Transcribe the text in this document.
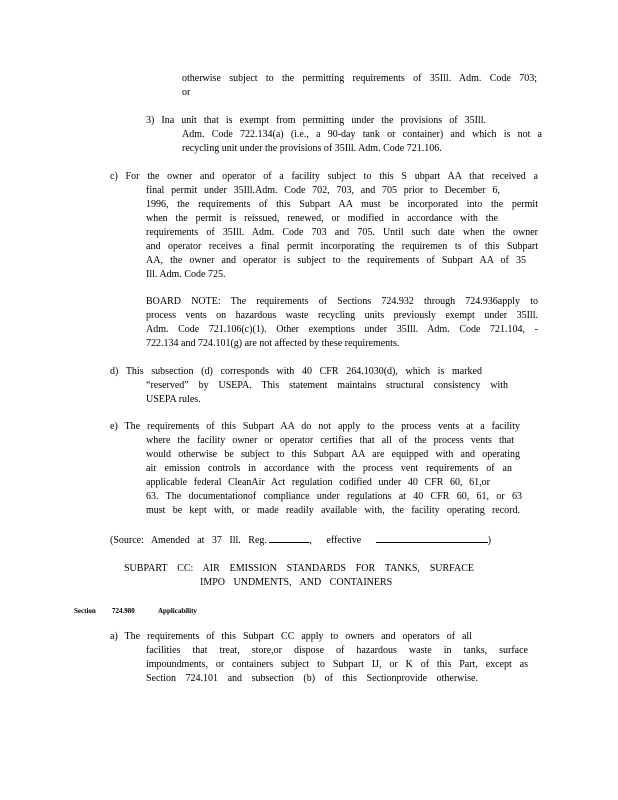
otherwise subject to the permitting requirements of 35Ill. Adm. Code 703;
or
3) Ina unit that is exempt from permitting under the provisions of 35Ill.
Adm. Code 722.134(a) (i.e., a 90-day tank or container) and which is not a
recycling unit under the provisions of 35Ill. Adm. Code 721.106.
c) For the owner and operator of a facility subject to this S ubpart AA that received a
final permit under 35Ill.Adm. Code 702, 703, and 705 prior to December 6,
1996, the requirements of this Subpart AA must be incorporated into the permit
when the permit is reissued, renewed, or modified in accordance with the
requirements of 35Ill. Adm. Code 703 and 705. Until such date when the owner
and operator receives a final permit incorporating the requiremen ts of this Subpart
AA, the owner and operator is subject to the requirements of Subpart AA of 35
Ill. Adm. Code 725.
BOARD NOTE: The requirements of Sections 724.932 through 724.936apply to
process vents on hazardous waste recycling units previously exempt under 35Ill.
Adm. Code 721.106(c)(1). Other exemptions under 35Ill. Adm. Code 721.104, -
722.134 and 724.101(g) are not affected by these requirements.
d) This subsection (d) corresponds with 40 CFR 264.1030(d), which is marked
“reserved” by USEPA. This statement maintains structural consistency with
USEPA rules.
e) The requirements of this Subpart AA do not apply to the process vents at a facility
where the facility owner or operator certifies that all of the process vents that
would otherwise be subject to this Subpart AA are equipped with and operating
air emission controls in accordance with the process vent requirements of an
applicable federal CleanAir Act regulation codified under 40 CFR 60, 61,or
63. The documentationof compliance under regulations at 40 CFR 60, 61, or 63
must be kept with, or made readily available with, the facility operating record.
(Source: Amended at 37 Ill. Reg.	, effective	)
SUBPART CC: AIR EMISSION STANDARDS FOR TANKS, SURFACE
IMPO UNDMENTS, AND CONTAINERS
Section 724.980	Applicability
a) The requirements of this Subpart CC apply to owners and operators of all
facilities that treat, store,or dispose of hazardous waste in tanks, surface
impoundments, or containers subject to Subpart IJ, or K of this Part, except as
Section 724.101 and subsection (b) of this Sectionprovide otherwise.
